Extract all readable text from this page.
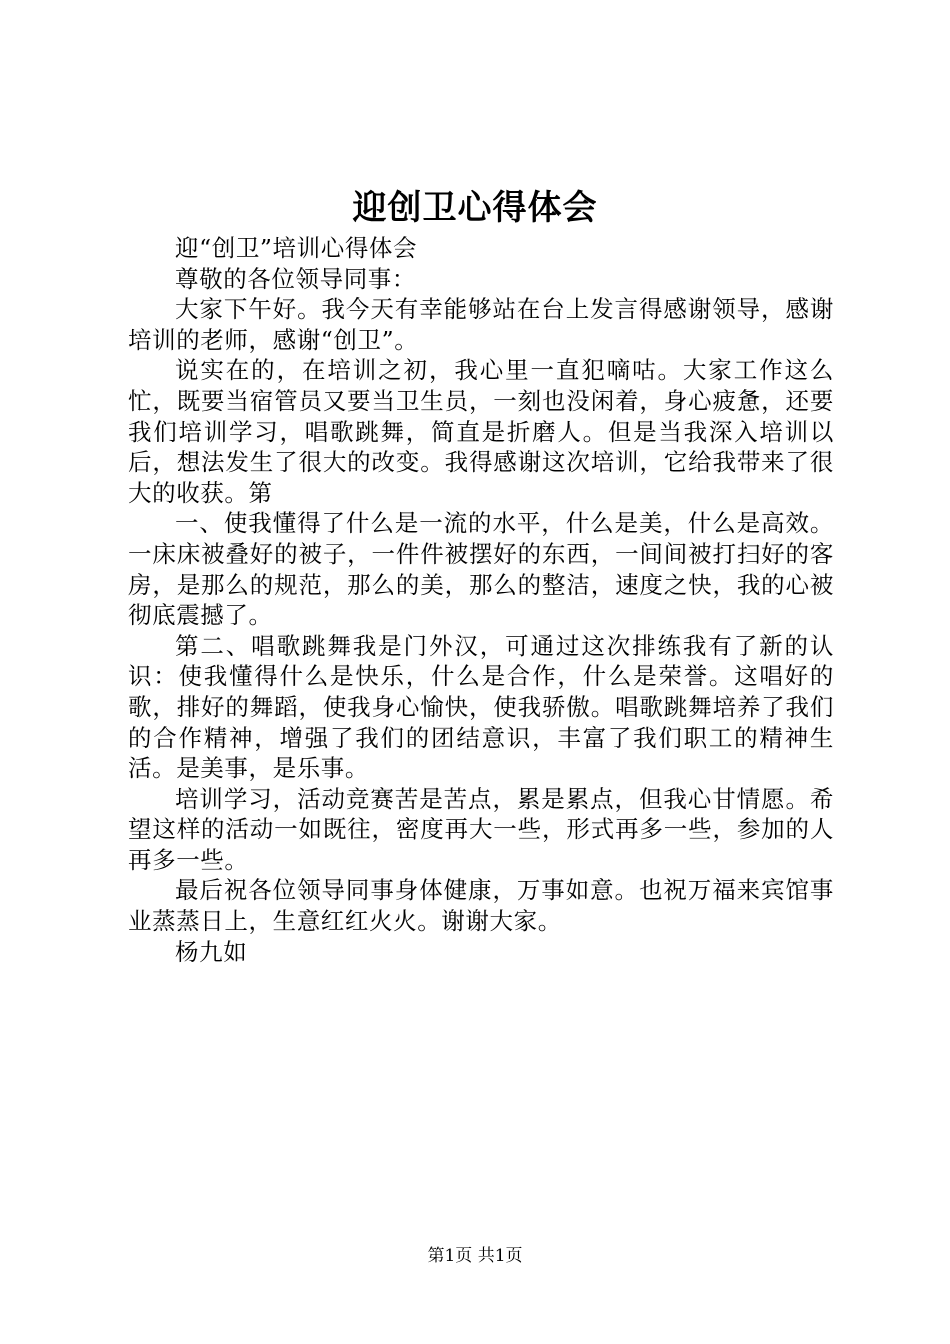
迎创卫心得体会

迎“创卫”培训心得体会

尊敬的各位领导同事：

大家下午好。我今天有幸能够站在台上发言得感谢领导，感谢培训的老师，感谢“创卫”。

说实在的，在培训之初，我心里一直犯嘀咕。大家工作这么忙，既要当宿管员又要当卫生员，一刻也没闲着，身心疲惫，还要我们培训学习，唱歌跳舞，简直是折磨人。但是当我深入培训以后，想法发生了很大的改变。我得感谢这次培训，它给我带来了很大的收获。第

一、使我懂得了什么是一流的水平，什么是美，什么是高效。一床床被叠好的被子，一件件被摆好的东西，一间间被打扫好的客房，是那么的规范，那么的美，那么的整洁，速度之快，我的心被彻底震撼了。

第二、唱歌跳舞我是门外汉，可通过这次排练我有了新的认识：使我懂得什么是快乐，什么是合作，什么是荣誉。这唱好的歌，排好的舞蹈，使我身心愉快，使我骄傲。唱歌跳舞培养了我们的合作精神，增强了我们的团结意识，丰富了我们职工的精神生活。是美事，是乐事。

培训学习，活动竞赛苦是苦点，累是累点，但我心甘情愿。希望这样的活动一如既往，密度再大一些，形式再多一些，参加的人再多一些。

最后祝各位领导同事身体健康，万事如意。也祝万福来宾馆事业蒸蒸日上，生意红红火火。谢谢大家。

杨九如

第1页 共1页
